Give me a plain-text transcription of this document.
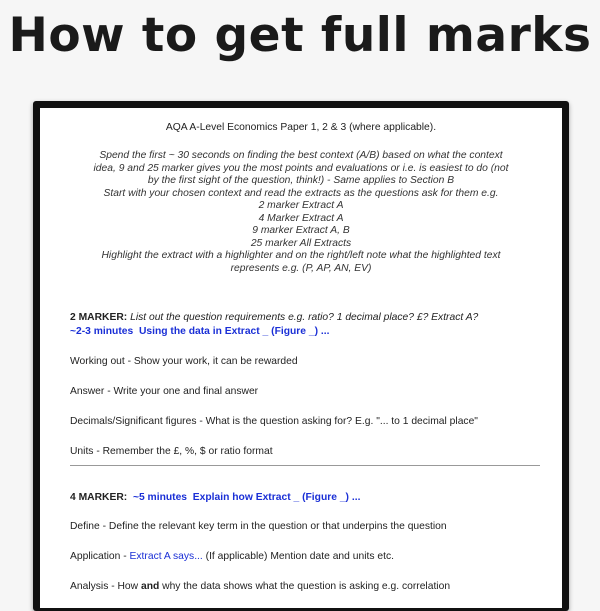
How to get full marks
AQA A-Level Economics Paper 1, 2 & 3 (where applicable).
Spend the first ~ 30 seconds on finding the best context (A/B) based on what the context
idea, 9 and 25 marker gives you the most points and evaluations or i.e. is easiest to do (not
by the first sight of the question, think!) - Same applies to Section B
Start with your chosen context and read the extracts as the questions ask for them e.g.
2 marker Extract A
4 Marker Extract A
9 marker Extract A, B
25 marker All Extracts
Highlight the extract with a highlighter and on the right/left note what the highlighted text
represents e.g. (P, AP, AN, EV)
2 MARKER: List out the question requirements e.g. ratio? 1 decimal place? £? Extract A?
~2-3 minutes Using the data in Extract _ (Figure _) ...
Working out - Show your work, it can be rewarded
Answer - Write your one and final answer
Decimals/Significant figures - What is the question asking for? E.g. "... to 1 decimal place"
Units - Remember the £, %, $ or ratio format
4 MARKER: ~5 minutes Explain how Extract _ (Figure _) ...
Define - Define the relevant key term in the question or that underpins the question
Application - Extract A says... (If applicable) Mention date and units etc.
Analysis - How and why the data shows what the question is asking e.g. correlation
